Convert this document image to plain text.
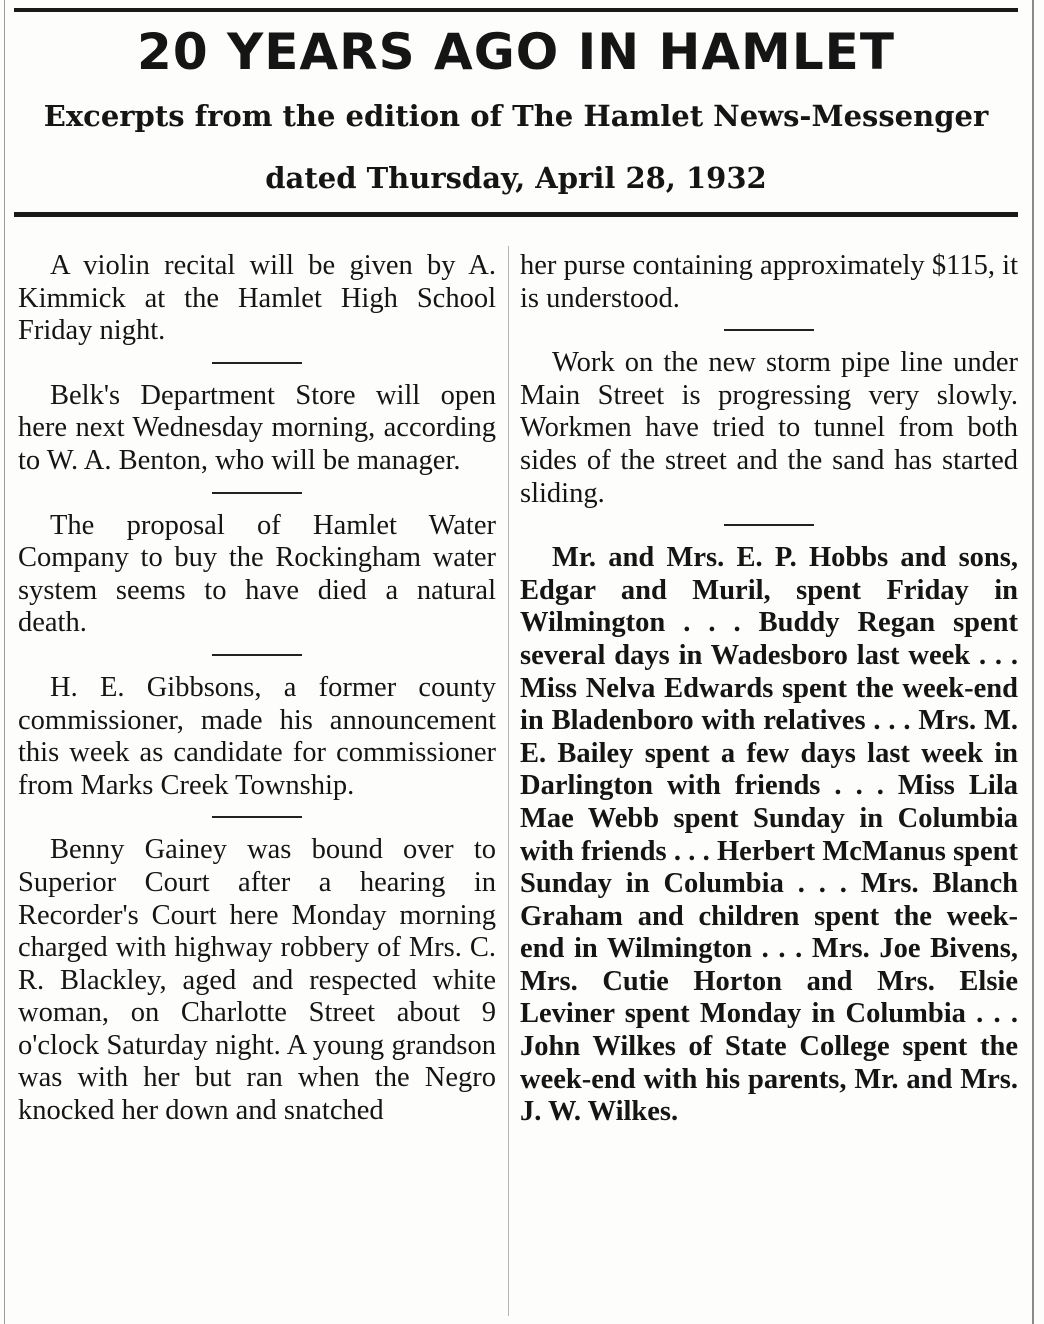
20 YEARS AGO IN HAMLET

Excerpts from the edition of The Hamlet News-Messenger

dated Thursday, April 28, 1932

A violin recital will be given by A. Kimmick at the Hamlet High School Friday night.

Belk's Department Store will open here next Wednesday morning, according to W. A. Benton, who will be manager.

The proposal of Hamlet Water Company to buy the Rockingham water system seems to have died a natural death.

H. E. Gibbsons, a former county commissioner, made his announcement this week as candidate for commissioner from Marks Creek Township.

Benny Gainey was bound over to Superior Court after a hearing in Recorder's Court here Monday morning charged with highway robbery of Mrs. C. R. Blackley, aged and respected white woman, on Charlotte Street about 9 o'clock Saturday night. A young grandson was with her but ran when the Negro knocked her down and snatched

her purse containing approximately $115, it is understood.

Work on the new storm pipe line under Main Street is progressing very slowly. Workmen have tried to tunnel from both sides of the street and the sand has started sliding.

Mr. and Mrs. E. P. Hobbs and sons, Edgar and Muril, spent Friday in Wilmington . . . Buddy Regan spent several days in Wadesboro last week . . . Miss Nelva Edwards spent the week-end in Bladenboro with relatives . . . Mrs. M. E. Bailey spent a few days last week in Darlington with friends . . . Miss Lila Mae Webb spent Sunday in Columbia with friends . . . Herbert McManus spent Sunday in Columbia . . . Mrs. Blanch Graham and children spent the week-end in Wilmington . . . Mrs. Joe Bivens, Mrs. Cutie Horton and Mrs. Elsie Leviner spent Monday in Columbia . . . John Wilkes of State College spent the week-end with his parents, Mr. and Mrs. J. W. Wilkes.
